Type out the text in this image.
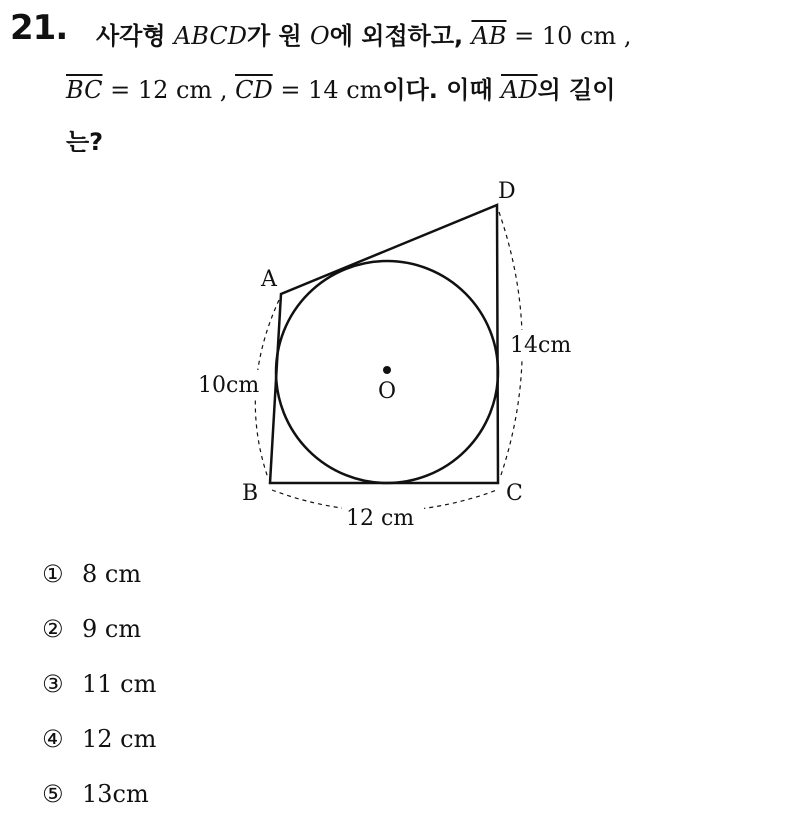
21. 사각형 ABCD가 원 O에 외접하고, $\overline{AB} = 10$ cm ,
$\overline{BC} = 12$ cm , $\overline{CD} = 14$ cm이다. 이때 $\overline{AD}$의 길이
는?
A
B	C
D
O
10cm
12 cm
14cm
① 8 cm
② 9 cm
③ 11 cm
④ 12 cm
⑤ 13cm
